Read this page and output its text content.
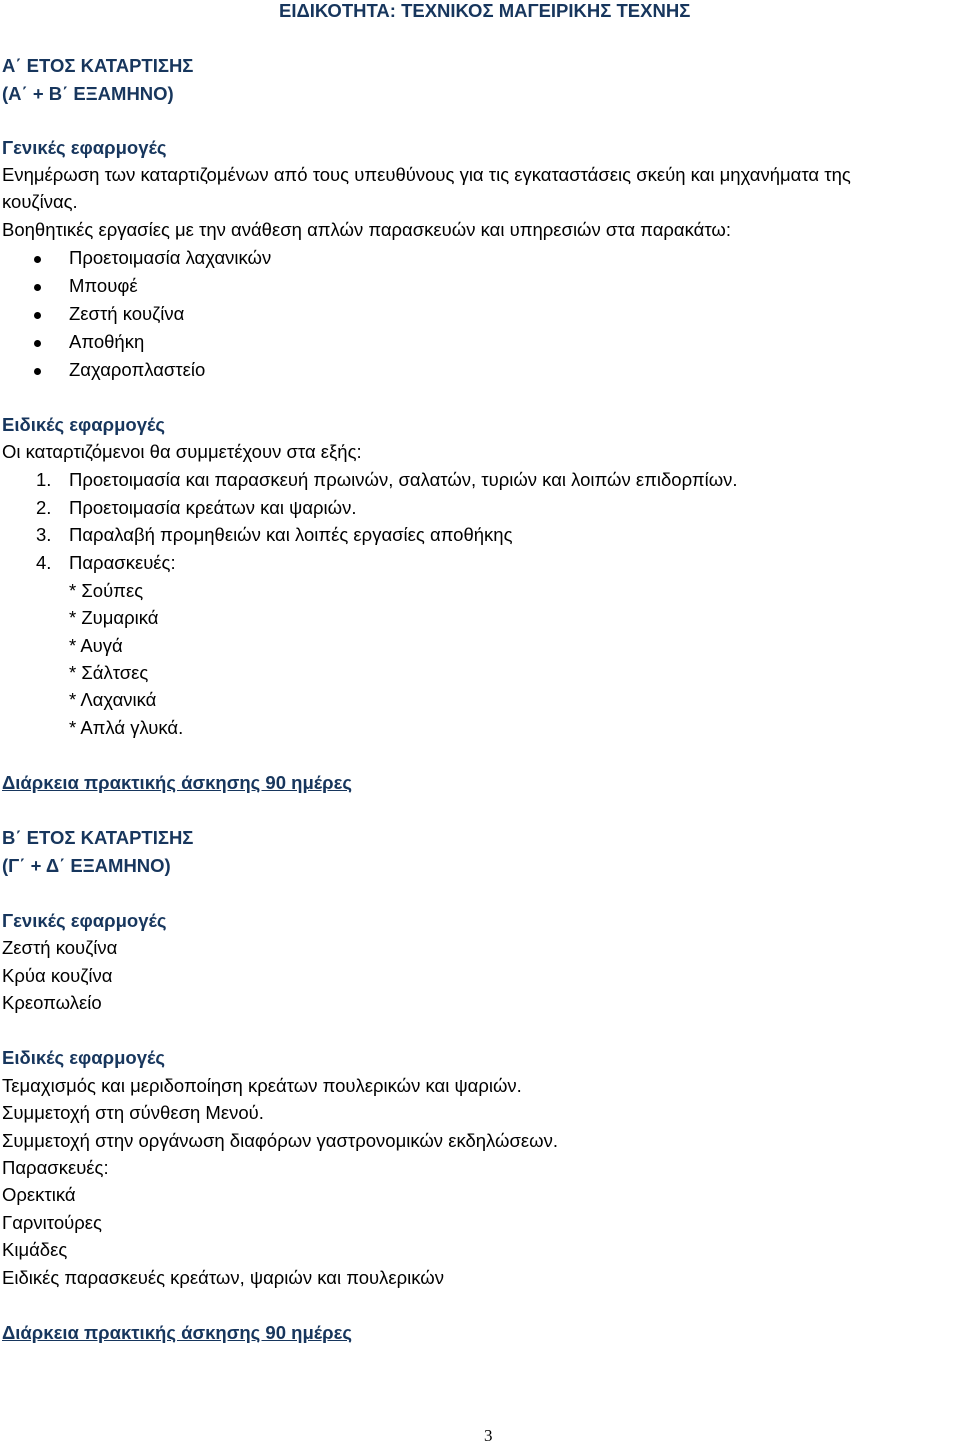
ΕΙΔΙΚΟΤΗΤΑ: ΤΕΧΝΙΚΟΣ ΜΑΓΕΙΡΙΚΗΣ ΤΕΧΝΗΣ
Α΄ ΕΤΟΣ ΚΑΤΑΡΤΙΣΗΣ
(Α΄ + Β΄ ΕΞΑΜΗΝΟ)
Γενικές εφαρμογές
Ενημέρωση των καταρτιζομένων από τους υπευθύνους για τις εγκαταστάσεις σκεύη και μηχανήματα της
κουζίνας.
Βοηθητικές εργασίες με την ανάθεση απλών παρασκευών και υπηρεσιών στα παρακάτω:
Προετοιμασία λαχανικών
Μπουφέ
Ζεστή κουζίνα
Αποθήκη
Ζαχαροπλαστείο
Ειδικές εφαρμογές
Οι καταρτιζόμενοι θα συμμετέχουν στα εξής:
1. Προετοιμασία και παρασκευή πρωινών, σαλατών, τυριών και λοιπών επιδορπίων.
2. Προετοιμασία κρεάτων και ψαριών.
3. Παραλαβή προμηθειών και λοιπές εργασίες αποθήκης
4. Παρασκευές:
* Σούπες
* Ζυμαρικά
* Αυγά
* Σάλτσες
* Λαχανικά
* Απλά γλυκά.
Διάρκεια πρακτικής άσκησης 90 ημέρες
Β΄ ΕΤΟΣ ΚΑΤΑΡΤΙΣΗΣ
(Γ΄ + Δ΄ ΕΞΑΜΗΝΟ)
Γενικές εφαρμογές
Ζεστή κουζίνα
Κρύα κουζίνα
Κρεοπωλείο
Ειδικές εφαρμογές
Τεμαχισμός και μεριδοποίηση κρεάτων πουλερικών και ψαριών.
Συμμετοχή στη σύνθεση Μενού.
Συμμετοχή στην οργάνωση διαφόρων γαστρονομικών εκδηλώσεων.
Παρασκευές:
Ορεκτικά
Γαρνιτούρες
Κιμάδες
Ειδικές παρασκευές κρεάτων, ψαριών και πουλερικών
Διάρκεια πρακτικής άσκησης 90 ημέρες
3
